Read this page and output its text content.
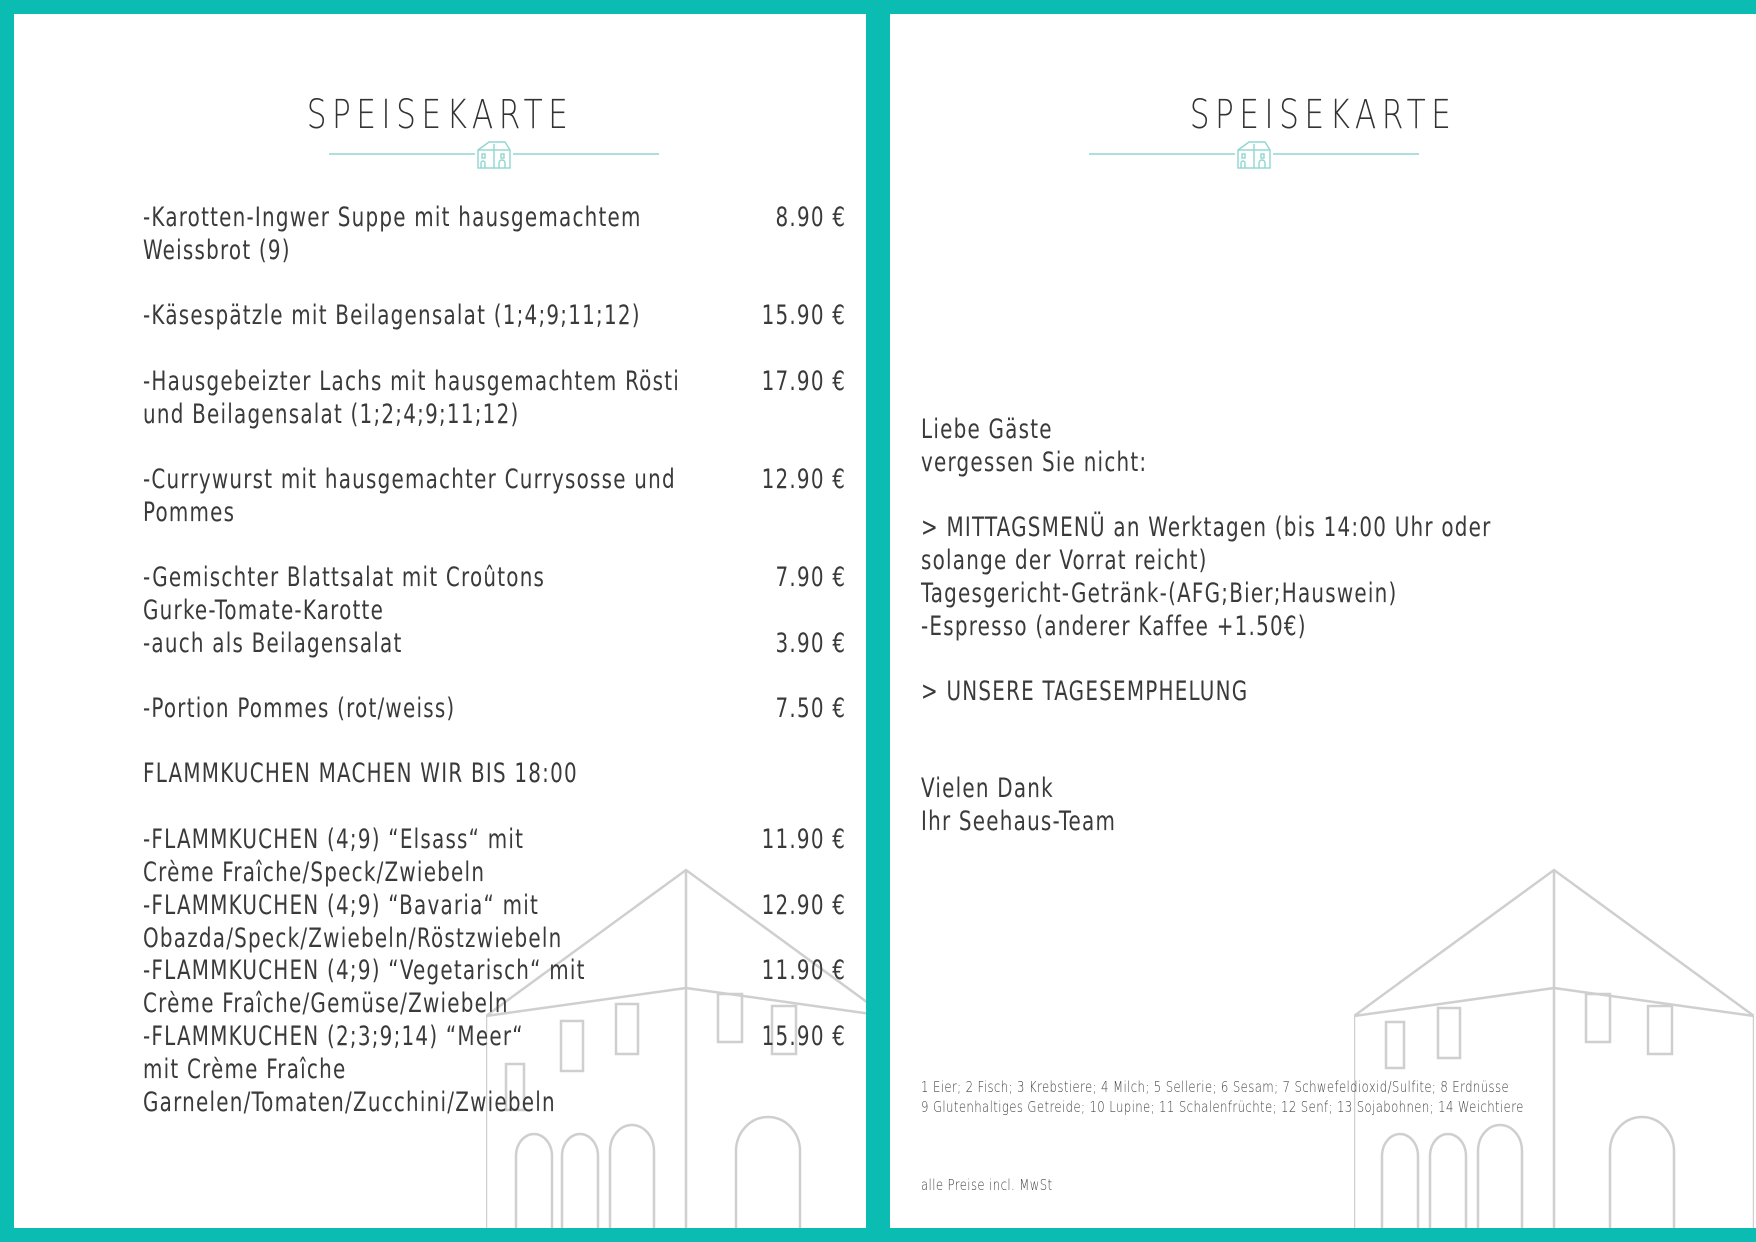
SPEISEKARTE
-Karotten-Ingwer Suppe mit hausgemachtem
Weissbrot (9)
8.90 €
-Käsespätzle mit Beilagensalat (1;4;9;11;12)	15.90 €
-Hausgebeizter Lachs mit hausgemachtem Rösti
und Beilagensalat (1;2;4;9;11;12)
17.90 €
-Currywurst mit hausgemachter Currysosse und
Pommes
12.90 €
-Gemischter Blattsalat mit Croûtons
Gurke-Tomate-Karotte
7.90 €
-auch als Beilagensalat	3.90 €
-Portion Pommes (rot/weiss)	7.50 €
FLAMMKUCHEN MACHEN WIR BIS 18:00
-FLAMMKUCHEN (4;9) “Elsass“ mit
Crème Fraîche/Speck/Zwiebeln
11.90 €
-FLAMMKUCHEN (4;9) “Bavaria“ mit
Obazda/Speck/Zwiebeln/Röstzwiebeln
12.90 €
-FLAMMKUCHEN (4;9) “Vegetarisch“ mit
Crème Fraîche/Gemüse/Zwiebeln
11.90 €
-FLAMMKUCHEN (2;3;9;14) “Meer“
mit Crème Fraîche
Garnelen/Tomaten/Zucchini/Zwiebeln
15.90 €
SPEISEKARTE
Liebe Gäste
vergessen Sie nicht:
> MITTAGSMENÜ an Werktagen (bis 14:00 Uhr oder
solange der Vorrat reicht)
Tagesgericht-Getränk-(AFG;Bier;Hauswein)
-Espresso (anderer Kaffee +1.50€)
> UNSERE TAGESEMPHELUNG
Vielen Dank
Ihr Seehaus-Team
1 Eier; 2 Fisch; 3 Krebstiere; 4 Milch; 5 Sellerie; 6 Sesam; 7 Schwefeldioxid/Sulfite; 8 Erdnüsse
9 Glutenhaltiges Getreide; 10 Lupine; 11 Schalenfrüchte; 12 Senf; 13 Sojabohnen; 14 Weichtiere
alle Preise incl. MwSt
